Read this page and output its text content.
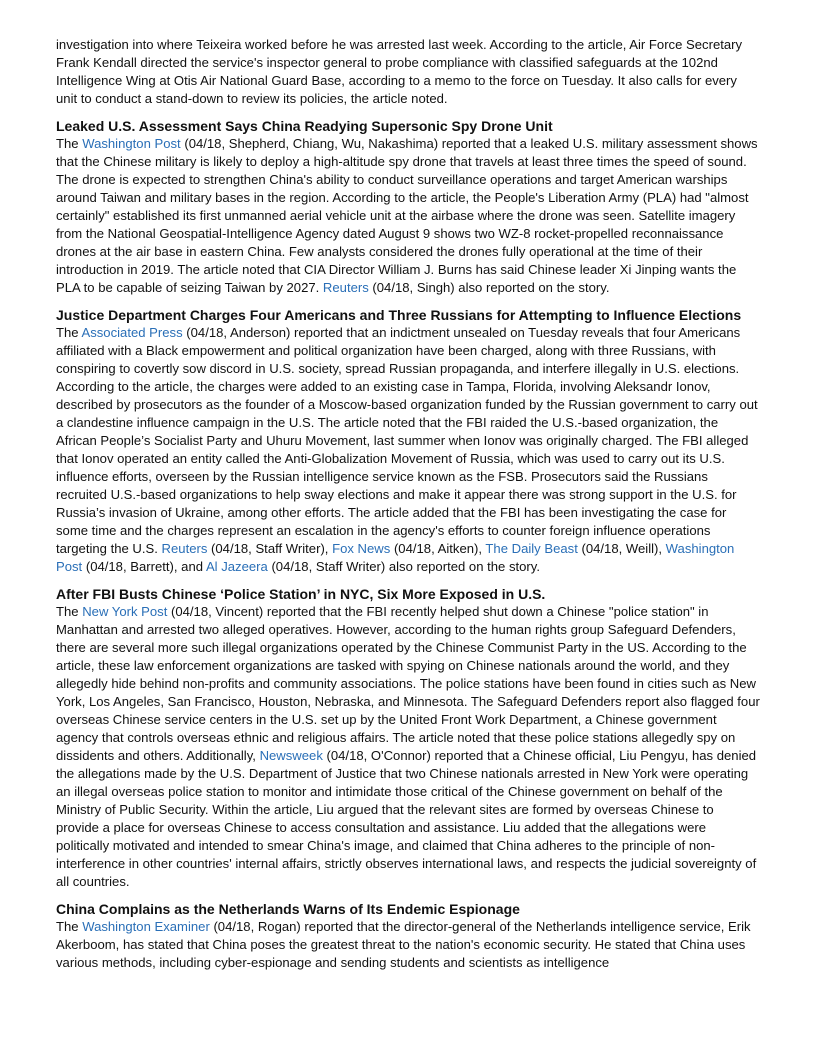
investigation into where Teixeira worked before he was arrested last week. According to the article, Air Force Secretary Frank Kendall directed the service's inspector general to probe compliance with classified safeguards at the 102nd Intelligence Wing at Otis Air National Guard Base, according to a memo to the force on Tuesday. It also calls for every unit to conduct a stand-down to review its policies, the article noted.

Leaked U.S. Assessment Says China Readying Supersonic Spy Drone Unit

The Washington Post (04/18, Shepherd, Chiang, Wu, Nakashima) reported that a leaked U.S. military assessment shows that the Chinese military is likely to deploy a high-altitude spy drone that travels at least three times the speed of sound. The drone is expected to strengthen China's ability to conduct surveillance operations and target American warships around Taiwan and military bases in the region. According to the article, the People's Liberation Army (PLA) had "almost certainly" established its first unmanned aerial vehicle unit at the airbase where the drone was seen. Satellite imagery from the National Geospatial-Intelligence Agency dated August 9 shows two WZ-8 rocket-propelled reconnaissance drones at the air base in eastern China. Few analysts considered the drones fully operational at the time of their introduction in 2019. The article noted that CIA Director William J. Burns has said Chinese leader Xi Jinping wants the PLA to be capable of seizing Taiwan by 2027. Reuters (04/18, Singh) also reported on the story.

Justice Department Charges Four Americans and Three Russians for Attempting to Influence Elections

The Associated Press (04/18, Anderson) reported that an indictment unsealed on Tuesday reveals that four Americans affiliated with a Black empowerment and political organization have been charged, along with three Russians, with conspiring to covertly sow discord in U.S. society, spread Russian propaganda, and interfere illegally in U.S. elections. According to the article, the charges were added to an existing case in Tampa, Florida, involving Aleksandr Ionov, described by prosecutors as the founder of a Moscow-based organization funded by the Russian government to carry out a clandestine influence campaign in the U.S. The article noted that the FBI raided the U.S.-based organization, the African People’s Socialist Party and Uhuru Movement, last summer when Ionov was originally charged. The FBI alleged that Ionov operated an entity called the Anti-Globalization Movement of Russia, which was used to carry out its U.S. influence efforts, overseen by the Russian intelligence service known as the FSB. Prosecutors said the Russians recruited U.S.-based organizations to help sway elections and make it appear there was strong support in the U.S. for Russia’s invasion of Ukraine, among other efforts. The article added that the FBI has been investigating the case for some time and the charges represent an escalation in the agency's efforts to counter foreign influence operations targeting the U.S. Reuters (04/18, Staff Writer), Fox News (04/18, Aitken), The Daily Beast (04/18, Weill), Washington Post (04/18, Barrett), and Al Jazeera (04/18, Staff Writer) also reported on the story.

After FBI Busts Chinese ‘Police Station’ in NYC, Six More Exposed in U.S.

The New York Post (04/18, Vincent) reported that the FBI recently helped shut down a Chinese "police station" in Manhattan and arrested two alleged operatives. However, according to the human rights group Safeguard Defenders, there are several more such illegal organizations operated by the Chinese Communist Party in the US. According to the article, these law enforcement organizations are tasked with spying on Chinese nationals around the world, and they allegedly hide behind non-profits and community associations. The police stations have been found in cities such as New York, Los Angeles, San Francisco, Houston, Nebraska, and Minnesota. The Safeguard Defenders report also flagged four overseas Chinese service centers in the U.S. set up by the United Front Work Department, a Chinese government agency that controls overseas ethnic and religious affairs. The article noted that these police stations allegedly spy on dissidents and others. Additionally, Newsweek (04/18, O'Connor) reported that a Chinese official, Liu Pengyu, has denied the allegations made by the U.S. Department of Justice that two Chinese nationals arrested in New York were operating an illegal overseas police station to monitor and intimidate those critical of the Chinese government on behalf of the Ministry of Public Security. Within the article, Liu argued that the relevant sites are formed by overseas Chinese to provide a place for overseas Chinese to access consultation and assistance. Liu added that the allegations were politically motivated and intended to smear China's image, and claimed that China adheres to the principle of non-interference in other countries' internal affairs, strictly observes international laws, and respects the judicial sovereignty of all countries.

China Complains as the Netherlands Warns of Its Endemic Espionage

The Washington Examiner (04/18, Rogan) reported that the director-general of the Netherlands intelligence service, Erik Akerboom, has stated that China poses the greatest threat to the nation's economic security. He stated that China uses various methods, including cyber-espionage and sending students and scientists as intelligence
